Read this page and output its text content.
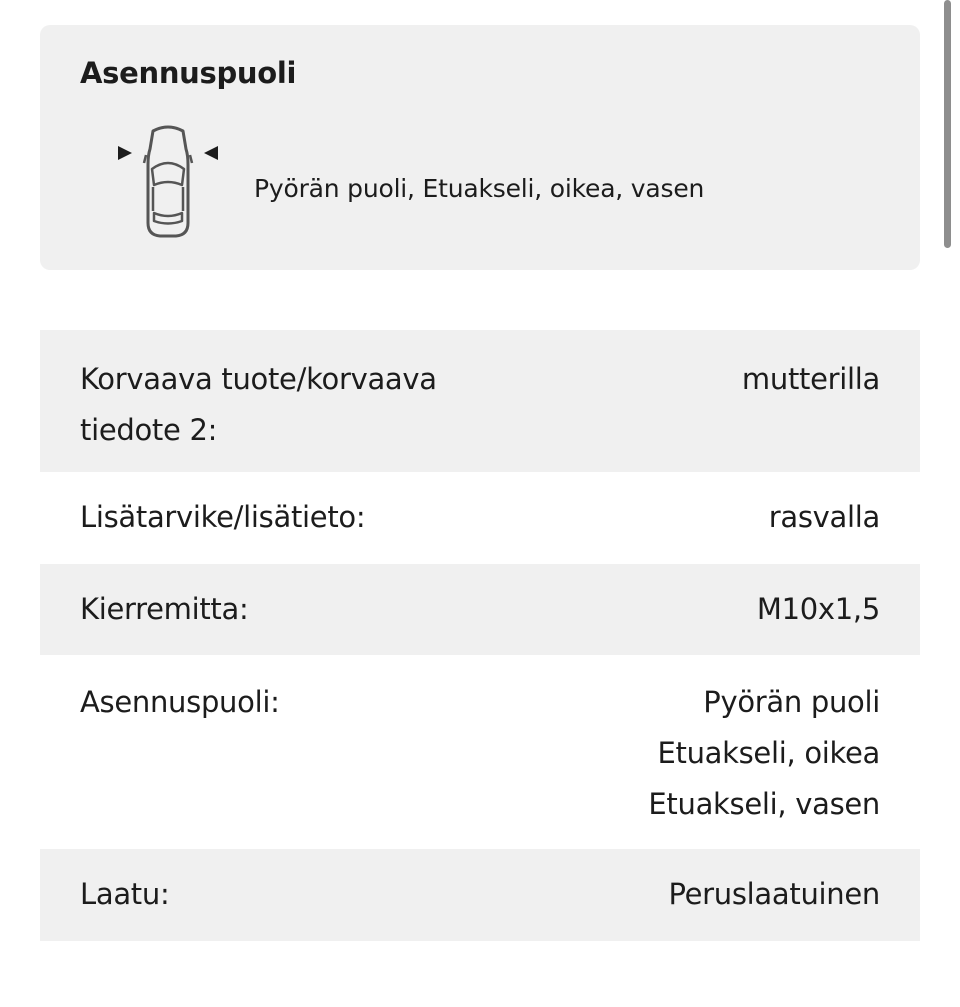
Asennuspuoli
Pyörän puoli, Etuakseli, oikea, vasen
Korvaava tuote/korvaava tiedote 2:
mutterilla
Lisätarvike/lisätieto:	rasvalla
Kierremitta:	M10x1,5
Asennuspuoli:	Pyörän puoli
Etuakseli, oikea
Etuakseli, vasen
Laatu:	Peruslaatuinen
